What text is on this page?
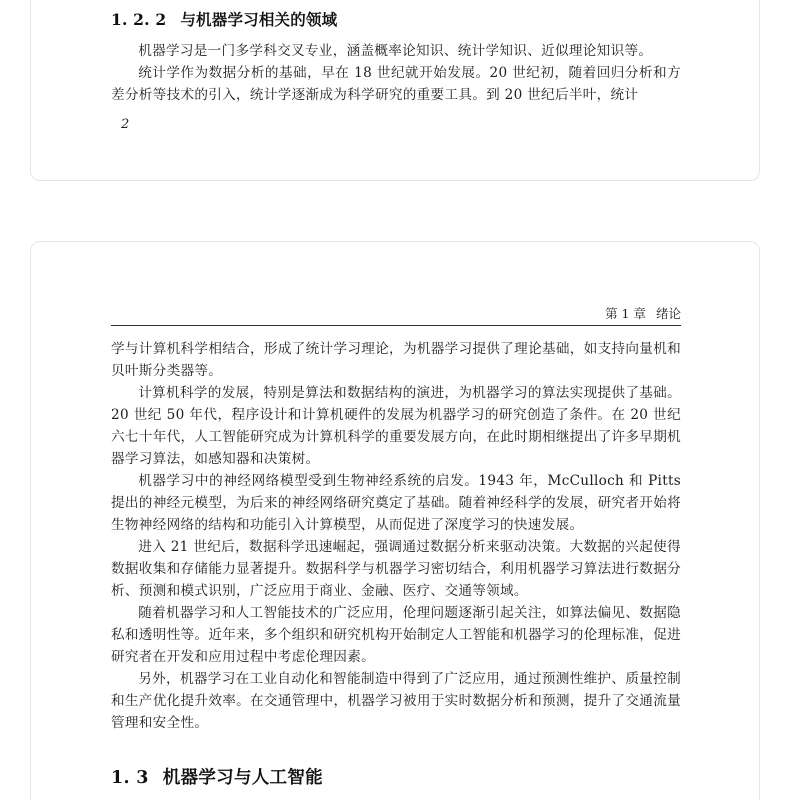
1. 2. 2 与机器学习相关的领域

机器学习是一门多学科交叉专业，涵盖概率论知识、统计学知识、近似理论知识等。

统计学作为数据分析的基础，早在 18 世纪就开始发展。20 世纪初，随着回归分析和方差分析等技术的引入，统计学逐渐成为科学研究的重要工具。到 20 世纪后半叶，统计

2
第 1 章 绪论

学与计算机科学相结合，形成了统计学习理论，为机器学习提供了理论基础，如支持向量机和贝叶斯分类器等。

计算机科学的发展，特别是算法和数据结构的演进，为机器学习的算法实现提供了基础。20 世纪 50 年代，程序设计和计算机硬件的发展为机器学习的研究创造了条件。在 20 世纪六七十年代，人工智能研究成为计算机科学的重要发展方向，在此时期相继提出了许多早期机器学习算法，如感知器和决策树。

机器学习中的神经网络模型受到生物神经系统的启发。1943 年，McCulloch 和 Pitts 提出的神经元模型，为后来的神经网络研究奠定了基础。随着神经科学的发展，研究者开始将生物神经网络的结构和功能引入计算模型，从而促进了深度学习的快速发展。

进入 21 世纪后，数据科学迅速崛起，强调通过数据分析来驱动决策。大数据的兴起使得数据收集和存储能力显著提升。数据科学与机器学习密切结合，利用机器学习算法进行数据分析、预测和模式识别，广泛应用于商业、金融、医疗、交通等领域。

随着机器学习和人工智能技术的广泛应用，伦理问题逐渐引起关注，如算法偏见、数据隐私和透明性等。近年来，多个组织和研究机构开始制定人工智能和机器学习的伦理标准，促进研究者在开发和应用过程中考虑伦理因素。

另外，机器学习在工业自动化和智能制造中得到了广泛应用，通过预测性维护、质量控制和生产优化提升效率。在交通管理中，机器学习被用于实时数据分析和预测，提升了交通流量管理和安全性。

1. 3 机器学习与人工智能
